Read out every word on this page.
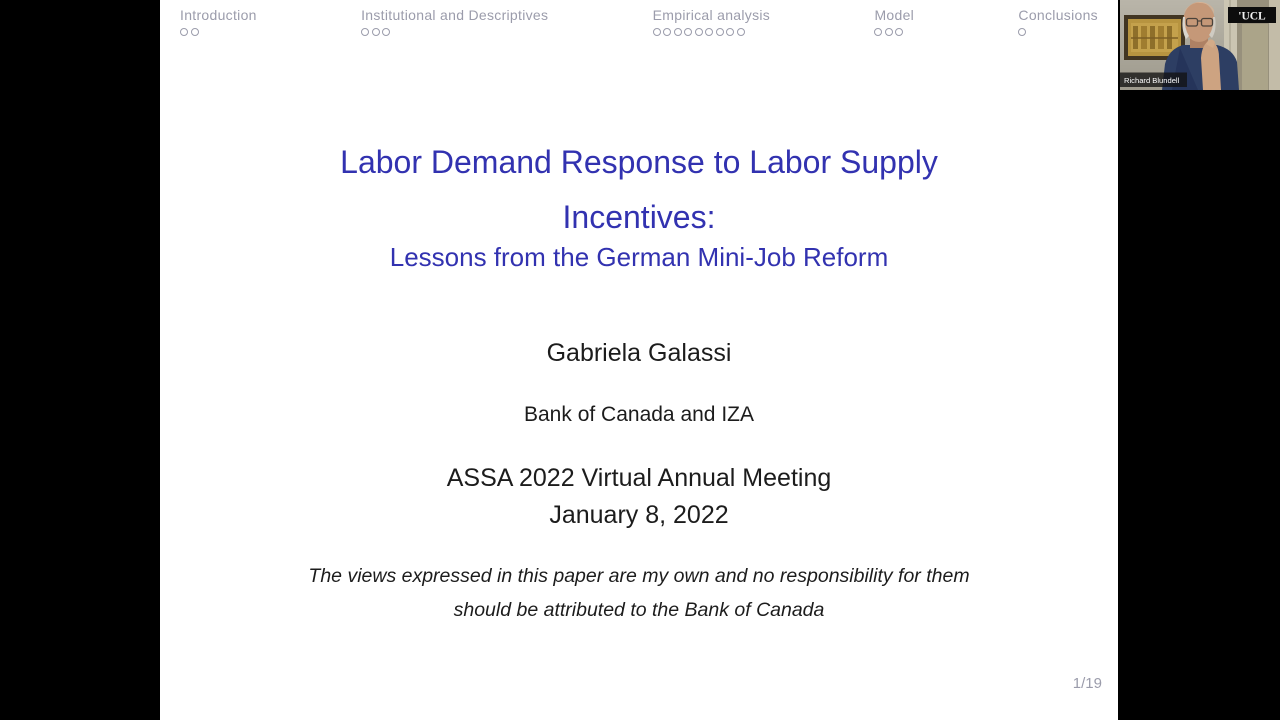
Introduction	Institutional and Descriptives	Empirical analysis	Model	Conclusions
Labor Demand Response to Labor Supply
Incentives:
Lessons from the German Mini-Job Reform
Gabriela Galassi
Bank of Canada and IZA
ASSA 2022 Virtual Annual Meeting
January 8, 2022
The views expressed in this paper are my own and no responsibility for them
should be attributed to the Bank of Canada
1/19
'UCL
Richard Blundell
